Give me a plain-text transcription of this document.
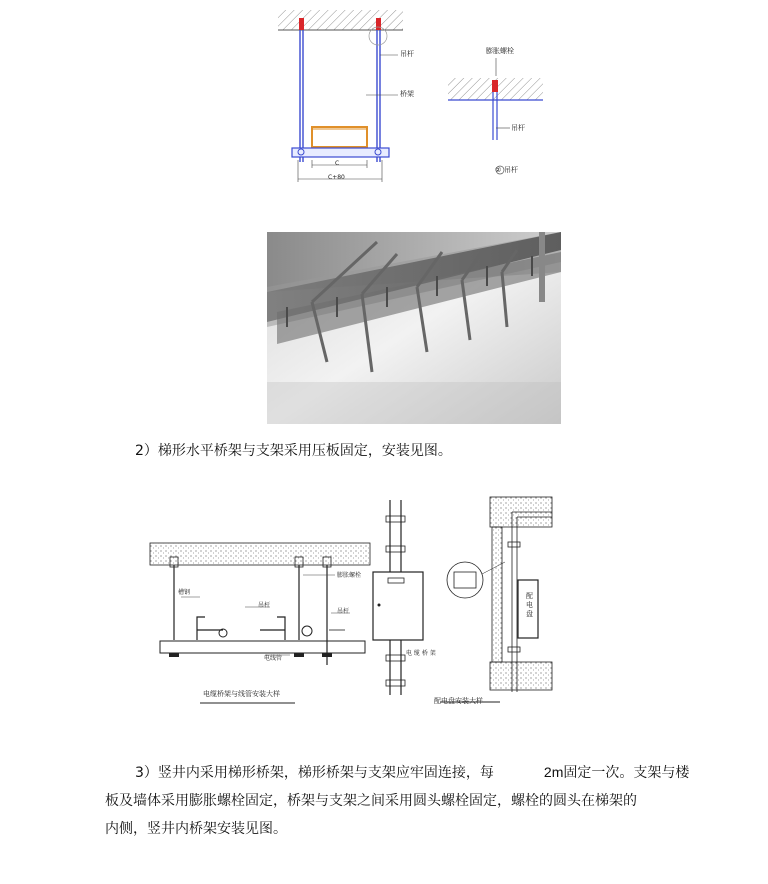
吊杆
桥架
膨胀螺栓
吊杆
C
C+80
② 吊杆
2）梯形水平桥架与支架采用压板固定，安装见图。
槽钢
膨胀螺栓
吊杆
吊杆
电线管
电缆桥架与线管安装大样
电 缆 桥 架
配电盘
配电盘安装大样
3）竖井内采用梯形桥架，梯形桥架与支架应牢固连接，每	2m固定一次。支架与楼
板及墙体采用膨胀螺栓固定，桥架与支架之间采用圆头螺栓固定，螺栓的圆头在梯架的
内侧，竖井内桥架安装见图。
